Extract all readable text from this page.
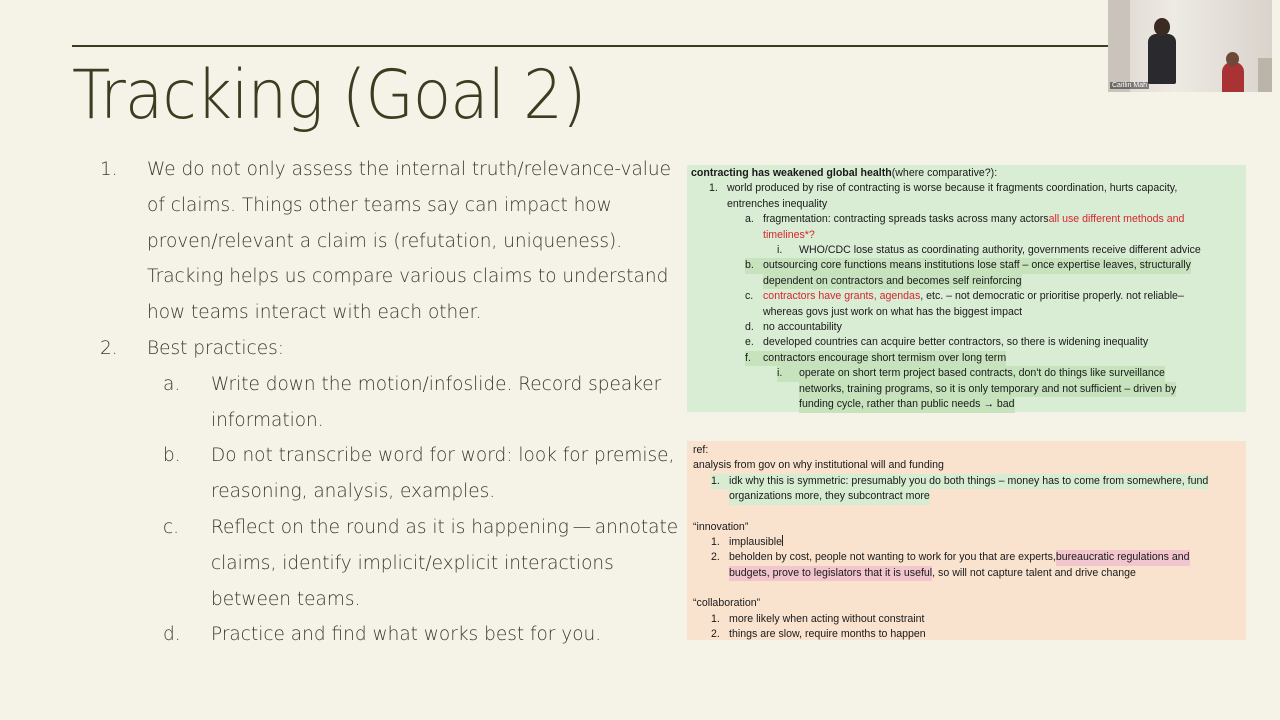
Tracking (Goal 2)
1.	We do not only assess the internal truth/relevance-value of claims. Things other teams say can impact how proven/relevant a claim is (refutation, uniqueness). Tracking helps us compare various claims to understand how teams interact with each other.
2.	Best practices:
a.	Write down the motion/infoslide. Record speaker information.
b.	Do not transcribe word for word: look for premise, reasoning, analysis, examples.
c.	Reflect on the round as it is happening — annotate claims, identify implicit/explicit interactions between teams.
d.	Practice and find what works best for you.
contracting has weakened global health (where comparative?):
1. world produced by rise of contracting is worse because it fragments coordination, hurts capacity,
entrenches inequality
a. fragmentation: contracting spreads tasks across many actors all use different methods and
timelines*?
i.	WHO/CDC lose status as coordinating authority, governments receive different advice
b. outsourcing core functions means institutions lose staff – once expertise leaves, structurally
dependent on contractors and becomes self reinforcing
c. contractors have grants, agendas , etc. – not democratic or prioritise properly. not reliable–
whereas govs just work on what has the biggest impact
d. no accountability
e. developed countries can acquire better contractors, so there is widening inequality
f.	contractors encourage short termism over long term
i.	operate on short term project based contracts, don't do things like surveillance
networks, training programs, so it is only temporary and not sufficient – driven by
funding cycle, rather than public needs → bad
ref:
analysis from gov on why institutional will and funding
1. idk why this is symmetric: presumably you do both things – money has to come from somewhere, fund
organizations more, they subcontract more
“innovation”
1. implausible
2. beholden by cost, people not wanting to work for you that are experts, bureaucratic regulations and
budgets, prove to legislators that it is useful , so will not capture talent and drive change
“collaboration”
1. more likely when acting without constraint
2. things are slow, require months to happen
Caitlin Mah
